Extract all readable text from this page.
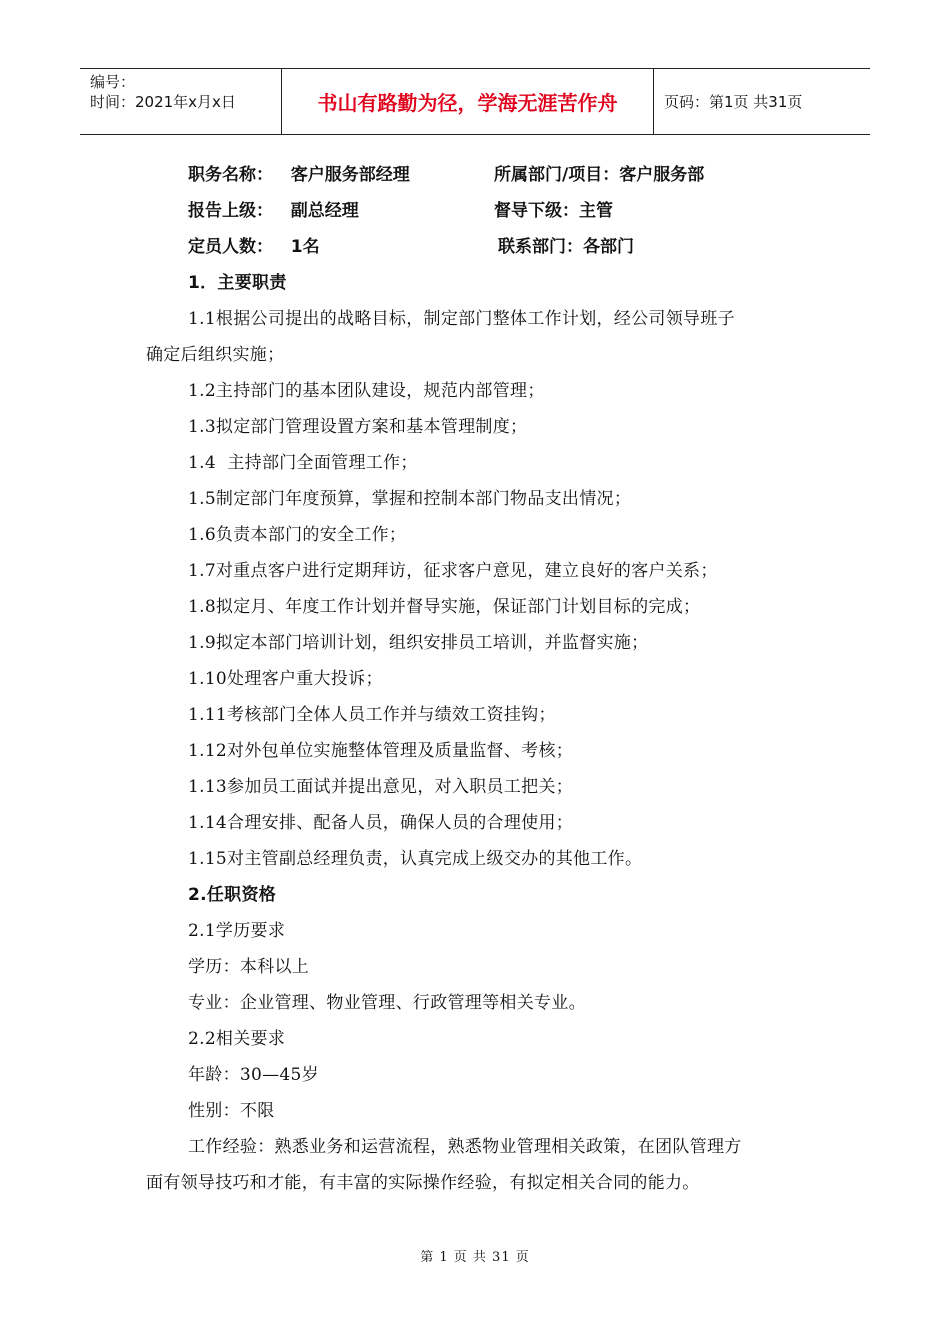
编号：
时间：2021年x月x日	书山有路勤为径，学海无涯苦作舟	页码：第1页 共31页
职务名称：   客户服务部经理	所属部门/项目：客户服务部
报告上级：   副总经理	督导下级：主管
定员人数：   1名	联系部门：各部门
1．主要职责
1.1根据公司提出的战略目标，制定部门整体工作计划，经公司领导班子
确定后组织实施；
1.2主持部门的基本团队建设，规范内部管理；
1.3拟定部门管理设置方案和基本管理制度；
1.4  主持部门全面管理工作；
1.5制定部门年度预算，掌握和控制本部门物品支出情况；
1.6负责本部门的安全工作；
1.7对重点客户进行定期拜访，征求客户意见，建立良好的客户关系；
1.8拟定月、年度工作计划并督导实施，保证部门计划目标的完成；
1.9拟定本部门培训计划，组织安排员工培训，并监督实施；
1.10处理客户重大投诉；
1.11考核部门全体人员工作并与绩效工资挂钩；
1.12对外包单位实施整体管理及质量监督、考核；
1.13参加员工面试并提出意见，对入职员工把关；
1.14合理安排、配备人员，确保人员的合理使用；
1.15对主管副总经理负责，认真完成上级交办的其他工作。
2.任职资格
2.1学历要求
学历：本科以上
专业：企业管理、物业管理、行政管理等相关专业。
2.2相关要求
年龄：30—45岁
性别：不限
工作经验：熟悉业务和运营流程，熟悉物业管理相关政策，在团队管理方
面有领导技巧和才能，有丰富的实际操作经验，有拟定相关合同的能力。
第 1 页 共 31 页
